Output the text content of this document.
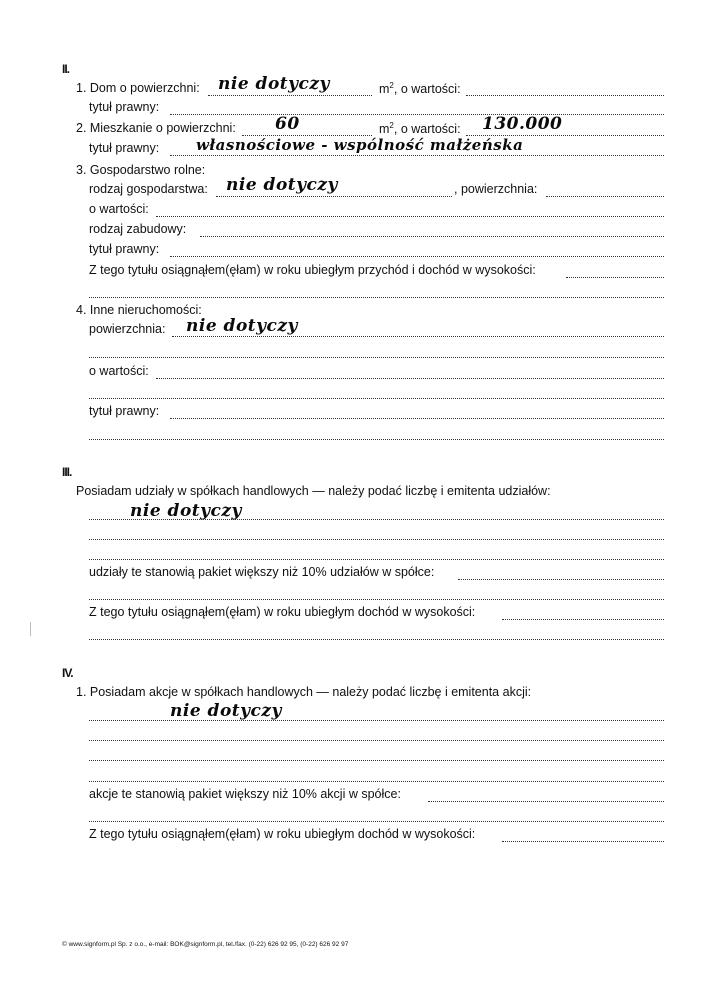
II.
1. Dom o powierzchni: nie dotyczy	$m^2$, o wartości:
tytuł prawny:
2. Mieszkanie o powierzchni: 60	$m^2$, o wartości: 130.000
tytuł prawny: własnościowe - wspólność małżeńska
3. Gospodarstwo rolne:
rodzaj gospodarstwa: nie dotyczy	, powierzchnia:
o wartości:
rodzaj zabudowy:
tytuł prawny:
Z tego tytułu osiągnąłem(ęłam) w roku ubiegłym przychód i dochód w wysokości:
4. Inne nieruchomości:
powierzchnia: nie dotyczy
o wartości:
tytuł prawny:
III.
Posiadam udziały w spółkach handlowych — należy podać liczbę i emitenta udziałów:
nie dotyczy
udziały te stanowią pakiet większy niż 10% udziałów w spółce:
Z tego tytułu osiągnąłem(ęłam) w roku ubiegłym dochód w wysokości:
IV.
1. Posiadam akcje w spółkach handlowych — należy podać liczbę i emitenta akcji:
nie dotyczy
akcje te stanowią pakiet większy niż 10% akcji w spółce:
Z tego tytułu osiągnąłem(ęłam) w roku ubiegłym dochód w wysokości:
© www.signform.pl Sp. z o.o., e-mail: BOK@signform.pl, tel./fax. (0-22) 626 92 95, (0-22) 626 92 97
